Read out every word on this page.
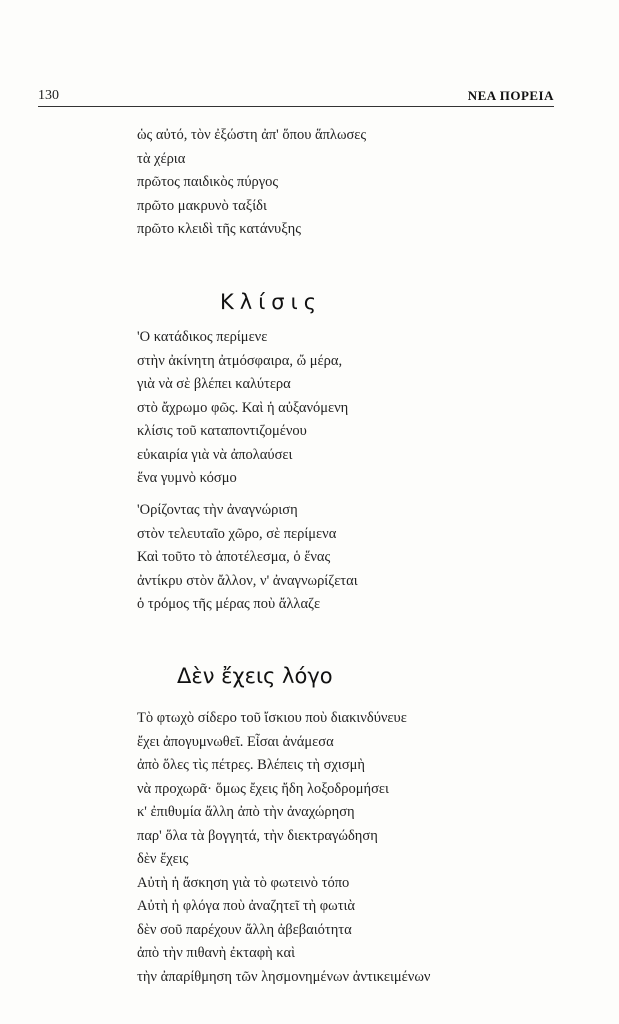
130	ΝΕΑ ΠΟΡΕΙΑ
ὡς αὐτό, τὸν ἐξώστη ἀπ' ὅπου ἅπλωσες
τὰ χέρια
πρῶτος παιδικὸς πύργος
πρῶτο μακρυνὸ ταξίδι
πρῶτο κλειδὶ τῆς κατάνυξης
Κλίσις
'Ο κατάδικος περίμενε
στὴν ἀκίνητη ἀτμόσφαιρα, ὤ μέρα,
γιὰ νὰ σὲ βλέπει καλύτερα
στὸ ἄχρωμο φῶς. Καὶ ἡ αὐξανόμενη
κλίσις τοῦ καταποντιζομένου
εὐκαιρία γιὰ νὰ ἀπολαύσει
ἕνα γυμνὸ κόσμο
'Ορίζοντας τὴν ἀναγνώριση
στὸν τελευταῖο χῶρο, σὲ περίμενα
Καὶ τοῦτο τὸ ἀποτέλεσμα, ὁ ἕνας
ἀντίκρυ στὸν ἄλλον, ν' ἀναγνωρίζεται
ὁ τρόμος τῆς μέρας ποὺ ἄλλαζε
Δὲν ἔχεις λόγο
Τὸ φτωχὸ σίδερο τοῦ ἴσκιου ποὺ διακινδύνευε
ἔχει ἀπογυμνωθεῖ. Εἶσαι ἀνάμεσα
ἀπὸ ὅλες τὶς πέτρες. Βλέπεις τὴ σχισμὴ
νὰ προχωρᾶ· ὅμως ἔχεις ἤδη λοξοδρομήσει
κ' ἐπιθυμία ἄλλη ἀπὸ τὴν ἀναχώρηση
παρ' ὅλα τὰ βογγητά, τὴν διεκτραγώδηση
δὲν ἔχεις
Αὐτὴ ἡ ἄσκηση γιὰ τὸ φωτεινὸ τόπο
Αὐτὴ ἡ φλόγα ποὺ ἀναζητεῖ τὴ φωτιὰ
δὲν σοῦ παρέχουν ἄλλη ἀβεβαιότητα
ἀπὸ τὴν πιθανὴ ἐκταφὴ καὶ
τὴν ἀπαρίθμηση τῶν λησμονημένων ἀντικειμένων
